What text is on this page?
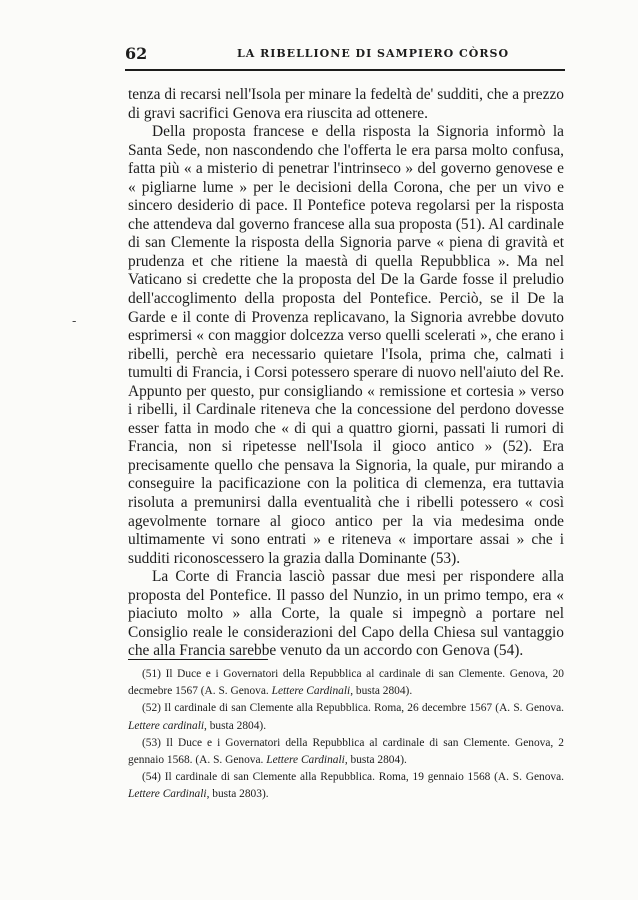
62	LA RIBELLIONE DI SAMPIERO CÒRSO
-

tenza di recarsi nell'Isola per minare la fedeltà de' sudditi, che a prezzo di gravi sacrifici Genova era riuscita ad ottenere.

Della proposta francese e della risposta la Signoria informò la Santa Sede, non nascondendo che l'offerta le era parsa molto confusa, fatta più « a misterio di penetrar l'intrinseco » del governo genovese e « pigliarne lume » per le decisioni della Corona, che per un vivo e sincero desiderio di pace. Il Pontefice poteva regolarsi per la risposta che attendeva dal governo francese alla sua proposta (51). Al cardinale di san Clemente la risposta della Signoria parve « piena di gravità et prudenza et che ritiene la maestà di quella Repubblica ». Ma nel Vaticano si credette che la proposta del De la Garde fosse il preludio dell'accoglimento della proposta del Pontefice. Perciò, se il De la Garde e il conte di Provenza replicavano, la Signoria avrebbe dovuto esprimersi « con maggior dolcezza verso quelli scelerati », che erano i ribelli, perchè era necessario quietare l'Isola, prima che, calmati i tumulti di Francia, i Corsi potessero sperare di nuovo nell'aiuto del Re. Appunto per questo, pur consigliando « remissione et cortesia » verso i ribelli, il Cardinale riteneva che la concessione del perdono dovesse esser fatta in modo che « di qui a quattro giorni, passati li rumori di Francia, non si ripetesse nell'Isola il gioco antico » (52). Era precisamente quello che pensava la Signoria, la quale, pur mirando a conseguire la pacificazione con la politica di clemenza, era tuttavia risoluta a premunirsi dalla eventualità che i ribelli potessero « così agevolmente tornare al gioco antico per la via medesima onde ultimamente vi sono entrati » e riteneva « importare assai » che i sudditi riconoscessero la grazia dalla Dominante (53).

La Corte di Francia lasciò passar due mesi per rispondere alla proposta del Pontefice. Il passo del Nunzio, in un primo tempo, era « piaciuto molto » alla Corte, la quale si impegnò a portare nel Consiglio reale le considerazioni del Capo della Chiesa sul vantaggio che alla Francia sarebbe venuto da un accordo con Genova (54).

(51) Il Duce e i Governatori della Repubblica al cardinale di san Clemente. Genova, 20 decmebre 1567 (A. S. Genova. Lettere Cardinali, busta 2804).

(52) Il cardinale di san Clemente alla Repubblica. Roma, 26 decembre 1567 (A. S. Genova. Lettere cardinali, busta 2804).

(53) Il Duce e i Governatori della Repubblica al cardinale di san Clemente. Genova, 2 gennaio 1568. (A. S. Genova. Lettere Cardinali, busta 2804).

(54) Il cardinale di san Clemente alla Repubblica. Roma, 19 gennaio 1568 (A. S. Genova. Lettere Cardinali, busta 2803).
